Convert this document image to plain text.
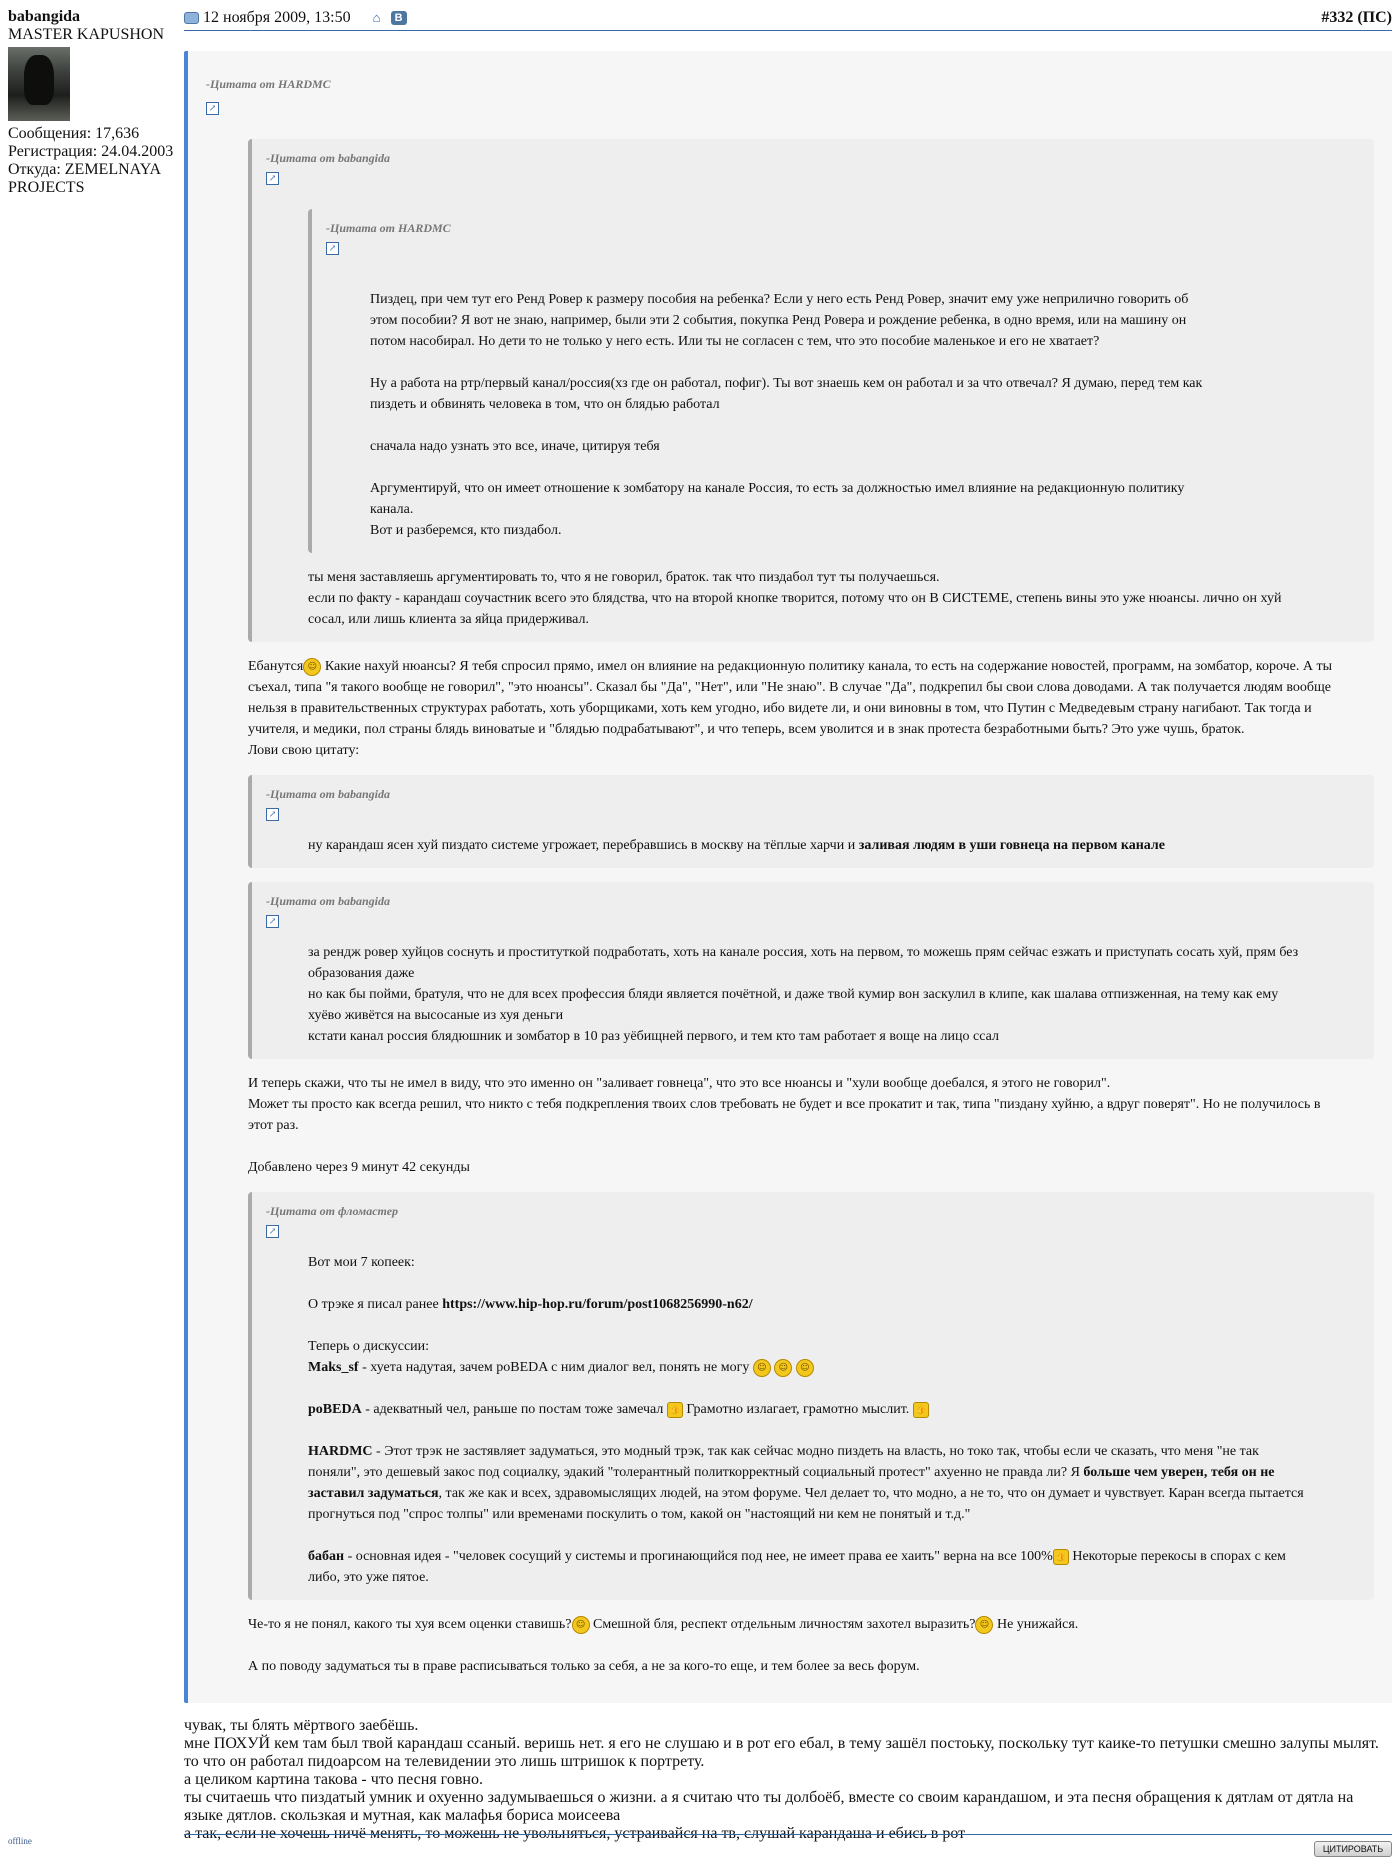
babangida
MASTER KAPUSHON
Сообщения: 17,636
Регистрация: 24.04.2003
Откуда: ZEMELNAYA
PROJECTS
offline
12 ноября 2009, 13:50 ⌂ B	#332 (ПС)
-Цитата от HARDMC
↗
-Цитата от babangida
↗
-Цитата от HARDMC
↗

Пиздец, при чем тут его Ренд Ровер к размеру пособия на ребенка? Если у него есть Ренд Ровер, значит ему уже неприлично говорить об этом пособии? Я вот не знаю, например, были эти 2 события, покупка Ренд Ровера и рождение ребенка, в одно время, или на машину он потом насобирал. Но дети то не только у него есть. Или ты не согласен с тем, что это пособие маленькое и его не хватает?

Ну а работа на ртр/первый канал/россия(хз где он работал, пофиг). Ты вот знаешь кем он работал и за что отвечал? Я думаю, перед тем как пиздеть и обвинять человека в том, что он блядью работал

сначала надо узнать это все, иначе, цитируя тебя

Аргументируй, что он имеет отношение к зомбатору на канале Россия, то есть за должностью имел влияние на редакционную политику канала.

Вот и разберемся, кто пиздабол.

ты меня заставляешь аргументировать то, что я не говорил, браток. так что пиздабол тут ты получаешься.

если по факту - карандаш соучастник всего это блядства, что на второй кнопке творится, потому что он В СИСТЕМЕ, степень вины это уже нюансы. лично он хуй сосал, или лишь клиента за яйца придерживал.

Ебанутся ☺ Какие нахуй нюансы? Я тебя спросил прямо, имел он влияние на редакционную политику канала, то есть на содержание новостей, программ, на зомбатор, короче. А ты съехал, типа "я такого вообще не говорил", "это нюансы". Сказал бы "Да", "Нет", или "Не знаю". В случае "Да", подкрепил бы свои слова доводами. А так получается людям вообще нельзя в правительственных структурах работать, хоть уборщиками, хоть кем угодно, ибо видете ли, и они виновны в том, что Путин с Медведевым страну нагибают. Так тогда и учителя, и медики, пол страны блядь виноватые и "блядью подрабатывают", и что теперь, всем уволится и в знак протеста безработными быть? Это уже чушь, браток.
Лови свою цитату:
-Цитата от babangida
↗
ну карандаш ясен хуй пиздато системе угрожает, перебравшись в москву на тёплые харчи и заливая людям в уши говнеца на первом канале
-Цитата от babangida
↗

за рендж ровер хуйцов соснуть и проституткой подработать, хоть на канале россия, хоть на первом, то можешь прям сейчас езжать и приступать сосать хуй, прям без образования даже

но как бы пойми, братуля, что не для всех профессия бляди является почётной, и даже твой кумир вон заскулил в клипе, как шалава отпизженная, на тему как ему хуёво живётся на высосаные из хуя деньги

кстати канал россия блядюшник и зомбатор в 10 раз уёбищней первого, и тем кто там работает я воще на лицо ссал

И теперь скажи, что ты не имел в виду, что это именно он "заливает говнеца", что это все нюансы и "хули вообще доебался, я этого не говорил".

Может ты просто как всегда решил, что никто с тебя подкрепления твоих слов требовать не будет и все прокатит и так, типа "пиздану хуйню, а вдруг поверят". Но не получилось в этот раз.

Добавлено через 9 минут 42 секунды

-Цитата от фломастер
↗

Вот мои 7 копеек:

О трэке я писал ранее https://www.hip-hop.ru/forum/post1068256990-n62/

Теперь о дискуссии:

Maks_sf - хуета надутая, зачем poBEDA с ним диалог вел, понять не могу ☺ ☺ ☺

poBEDA - адекватный чел, раньше по постам тоже замечал 👍 Грамотно излагает, грамотно мыслит. 👍

HARDMC - Этот трэк не застявляет задуматься, это модный трэк, так как сейчас модно пиздеть на власть, но токо так, чтобы если че сказать, что меня "не так поняли", это дешевый закос под социалку, эдакий "толерантный политкорректный социальный протест" ахуенно не правда ли? Я больше чем уверен, тебя он не заставил задуматься, так же как и всех, здравомыслящих людей, на этом форуме. Чел делает то, что модно, а не то, что он думает и чувствует. Каран всегда пытается прогнуться под "спрос толпы" или временами поскулить о том, какой он "настоящий ни кем не понятый и т.д."

бабан - основная идея - "человек сосущий у системы и прогинающийся под нее, не имеет права ее хаить" верна на все 100% 👍 Некоторые перекосы в спорах с кем либо, это уже пятое.

Че-то я не понял, какого ты хуя всем оценки ставишь? ☺ Смешной бля, респект отдельным личностям захотел выразить? ☺ Не унижайся.

А по поводу задуматься ты в праве расписываться только за себя, а не за кого-то еще, и тем более за весь форум.

чувак, ты блять мёртвого заебёшь.
мне ПОХУЙ кем там был твой карандаш ссаный. веришь нет. я его не слушаю и в рот его ебал, в тему зашёл постоьку, поскольку тут каике-то петушки смешно залупы мылят.
то что он работал пидоарсом на телевидении это лишь штришок к портрету.
а целиком картина такова - что песня говно.
ты считаешь что пиздатый умник и охуенно задумываешься о жизни. а я считаю что ты долбоёб, вместе со своим карандашом, и эта песня обращения к дятлам от дятла на языке дятлов. скользкая и мутная, как малафья бориса моисеева
а так, если не хочешь ничё менять, то можешь не увольняться, устраивайся на тв, слушай карандаша и ебись в рот
ЦИТИРОВАТЬ
